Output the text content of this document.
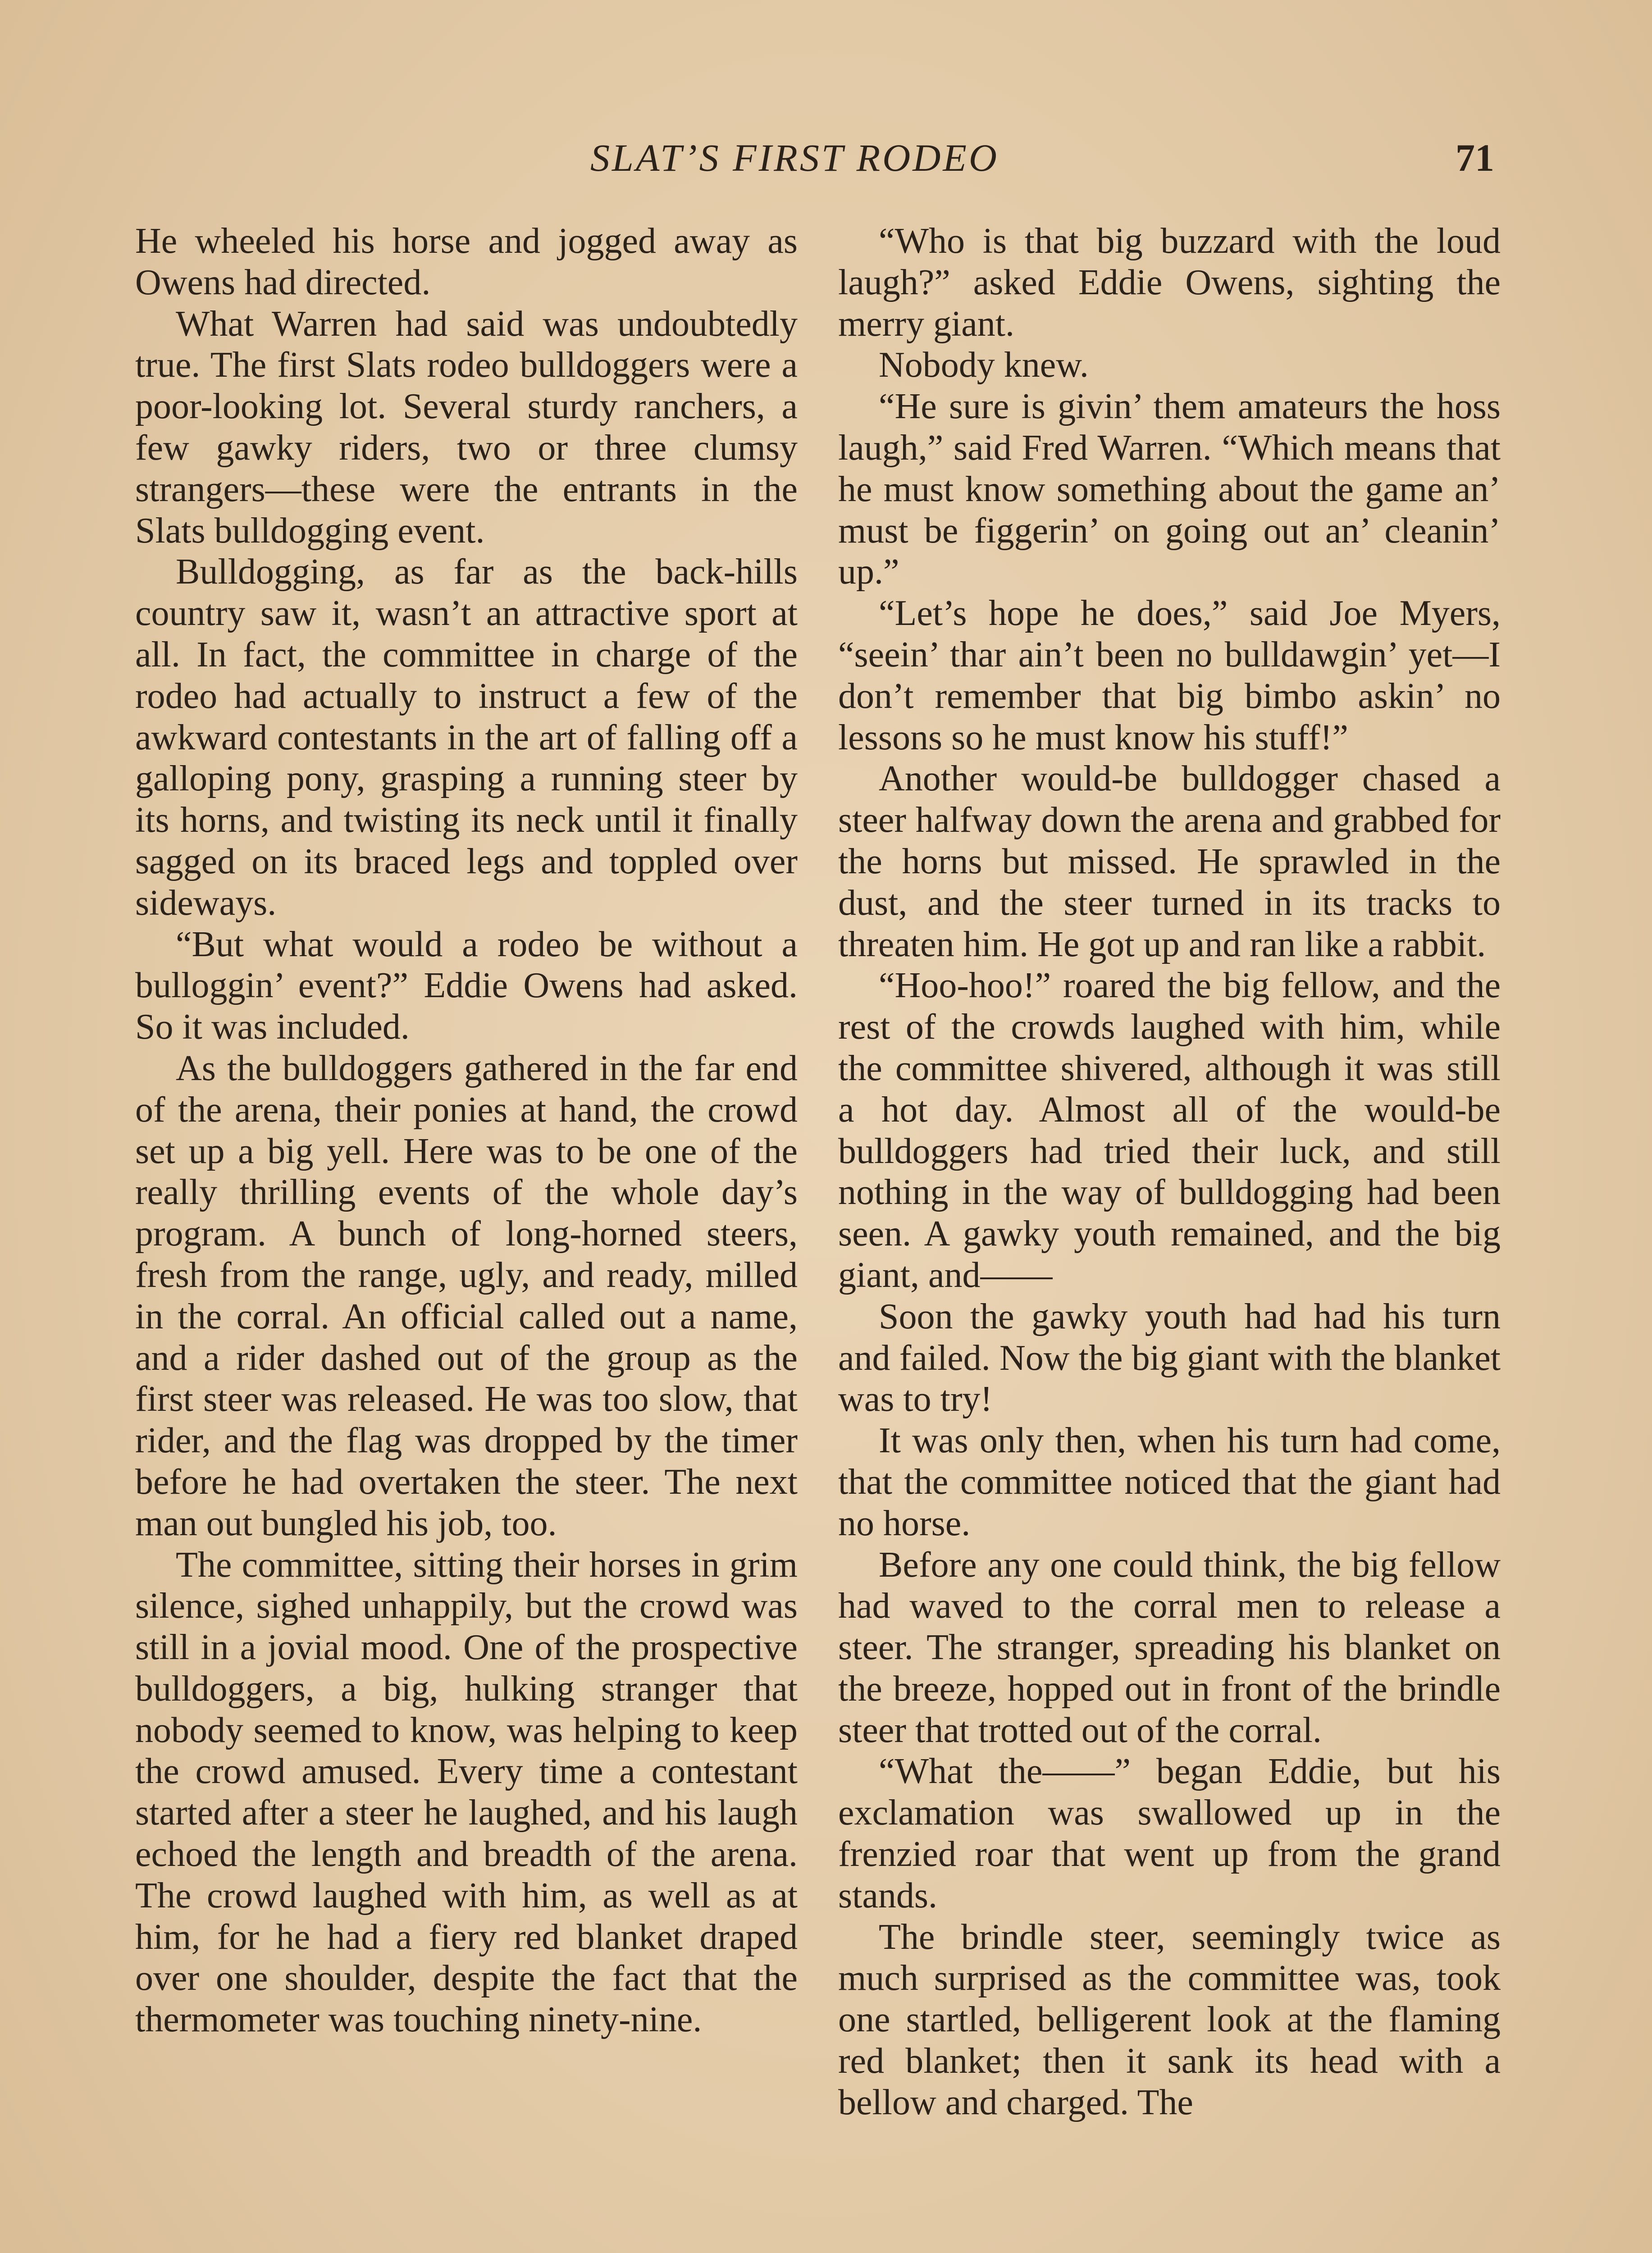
SLAT’S FIRST RODEO	71

He wheeled his horse and jogged away as Owens had directed.

What Warren had said was undoubtedly true. The first Slats rodeo bulldoggers were a poor-looking lot. Several sturdy ranchers, a few gawky riders, two or three clumsy strangers—these were the entrants in the Slats bulldogging event.

Bulldogging, as far as the back-hills country saw it, wasn’t an attractive sport at all. In fact, the committee in charge of the rodeo had actually to instruct a few of the awkward contestants in the art of falling off a galloping pony, grasping a running steer by its horns, and twisting its neck until it finally sagged on its braced legs and toppled over sideways.

“But what would a rodeo be without a bulloggin’ event?” Eddie Owens had asked. So it was included.

As the bulldoggers gathered in the far end of the arena, their ponies at hand, the crowd set up a big yell. Here was to be one of the really thrilling events of the whole day’s program. A bunch of long-horned steers, fresh from the range, ugly, and ready, milled in the corral. An official called out a name, and a rider dashed out of the group as the first steer was released. He was too slow, that rider, and the flag was dropped by the timer before he had overtaken the steer. The next man out bungled his job, too.

The committee, sitting their horses in grim silence, sighed unhappily, but the crowd was still in a jovial mood. One of the prospective bulldoggers, a big, hulking stranger that nobody seemed to know, was helping to keep the crowd amused. Every time a contestant started after a steer he laughed, and his laugh echoed the length and breadth of the arena. The crowd laughed with him, as well as at him, for he had a fiery red blanket draped over one shoulder, despite the fact that the thermometer was touching ninety-nine.

“Who is that big buzzard with the loud laugh?” asked Eddie Owens, sighting the merry giant.

Nobody knew.

“He sure is givin’ them amateurs the hoss laugh,” said Fred Warren. “Which means that he must know something about the game an’ must be figgerin’ on going out an’ cleanin’ up.”

“Let’s hope he does,” said Joe Myers, “seein’ thar ain’t been no bulldawgin’ yet—I don’t remember that big bimbo askin’ no lessons so he must know his stuff!”

Another would-be bulldogger chased a steer halfway down the arena and grabbed for the horns but missed. He sprawled in the dust, and the steer turned in its tracks to threaten him. He got up and ran like a rabbit.

“Hoo-hoo!” roared the big fellow, and the rest of the crowds laughed with him, while the committee shivered, although it was still a hot day. Almost all of the would-be bulldoggers had tried their luck, and still nothing in the way of bulldogging had been seen. A gawky youth remained, and the big giant, and——

Soon the gawky youth had had his turn and failed. Now the big giant with the blanket was to try!

It was only then, when his turn had come, that the committee noticed that the giant had no horse.

Before any one could think, the big fellow had waved to the corral men to release a steer. The stranger, spreading his blanket on the breeze, hopped out in front of the brindle steer that trotted out of the corral.

“What the——” began Eddie, but his exclamation was swallowed up in the frenzied roar that went up from the grand stands.

The brindle steer, seemingly twice as much surprised as the committee was, took one startled, belligerent look at the flaming red blanket; then it sank its head with a bellow and charged. The
